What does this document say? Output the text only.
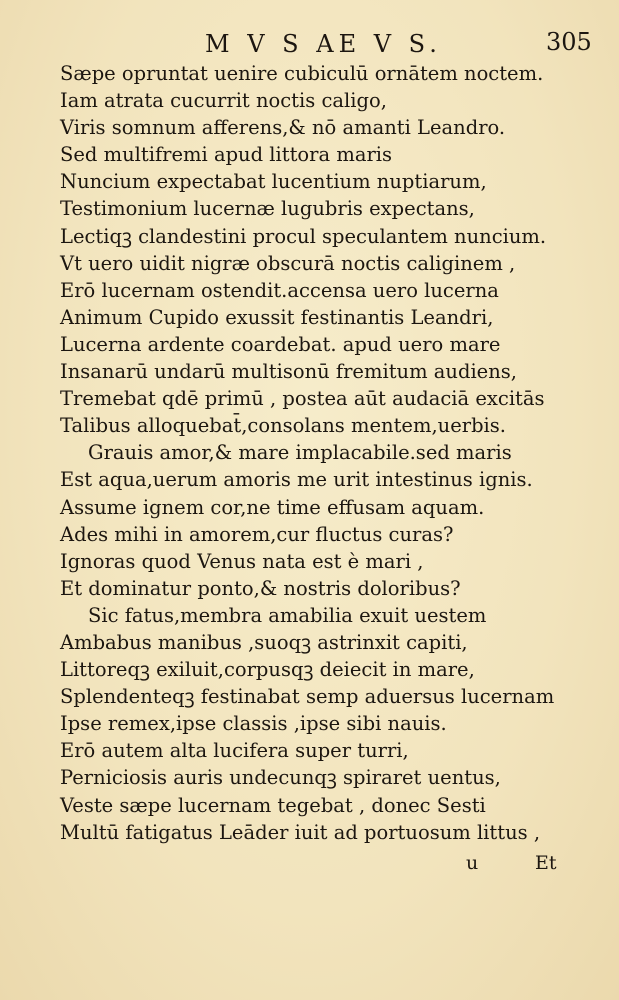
M V S AE V S.	305
Sæpe opruntat uenire cubiculū ornātem noctem.
Iam atrata cucurrit noctis caligo,
Viris somnum afferens,& nō amanti Leandro.
Sed multifremi apud littora maris
Nuncium expectabat lucentium nuptiarum,
Testimonium lucernæ lugubris expectans,
Lectiqꝫ clandestini procul speculantem nuncium.
Vt uero uidit nigræ obscurā noctis caliginem ,
Erō lucernam ostendit.accensa uero lucerna
Animum Cupido exussit festinantis Leandri,
Lucerna ardente coardebat. apud uero mare
Insanarū undarū multisonū fremitum audiens,
Tremebat qdē primū , postea aūt audaciā excitās
Talibus alloquebat̄,consolans mentem,uerbis.
Grauis amor,& mare implacabile.sed maris
Est aqua,uerum amoris me urit intestinus ignis.
Assume ignem cor,ne time effusam aquam.
Ades mihi in amorem,cur fluctus curas?
Ignoras quod Venus nata est è mari ,
Et dominatur ponto,& nostris doloribus?
Sic fatus,membra amabilia exuit uestem
Ambabus manibus ,suoqꝫ astrinxit capiti,
Littoreqꝫ exiluit,corpusqꝫ deiecit in mare,
Splendenteqꝫ festinabat semp aduersus lucernam
Ipse remex,ipse classis ,ipse sibi nauis.
Erō autem alta lucifera super turri,
Perniciosis auris undecunqꝫ spiraret uentus,
Veste sæpe lucernam tegebat , donec Sesti
Multū fatigatus Leāder iuit ad portuosum littus ,
u	Et
